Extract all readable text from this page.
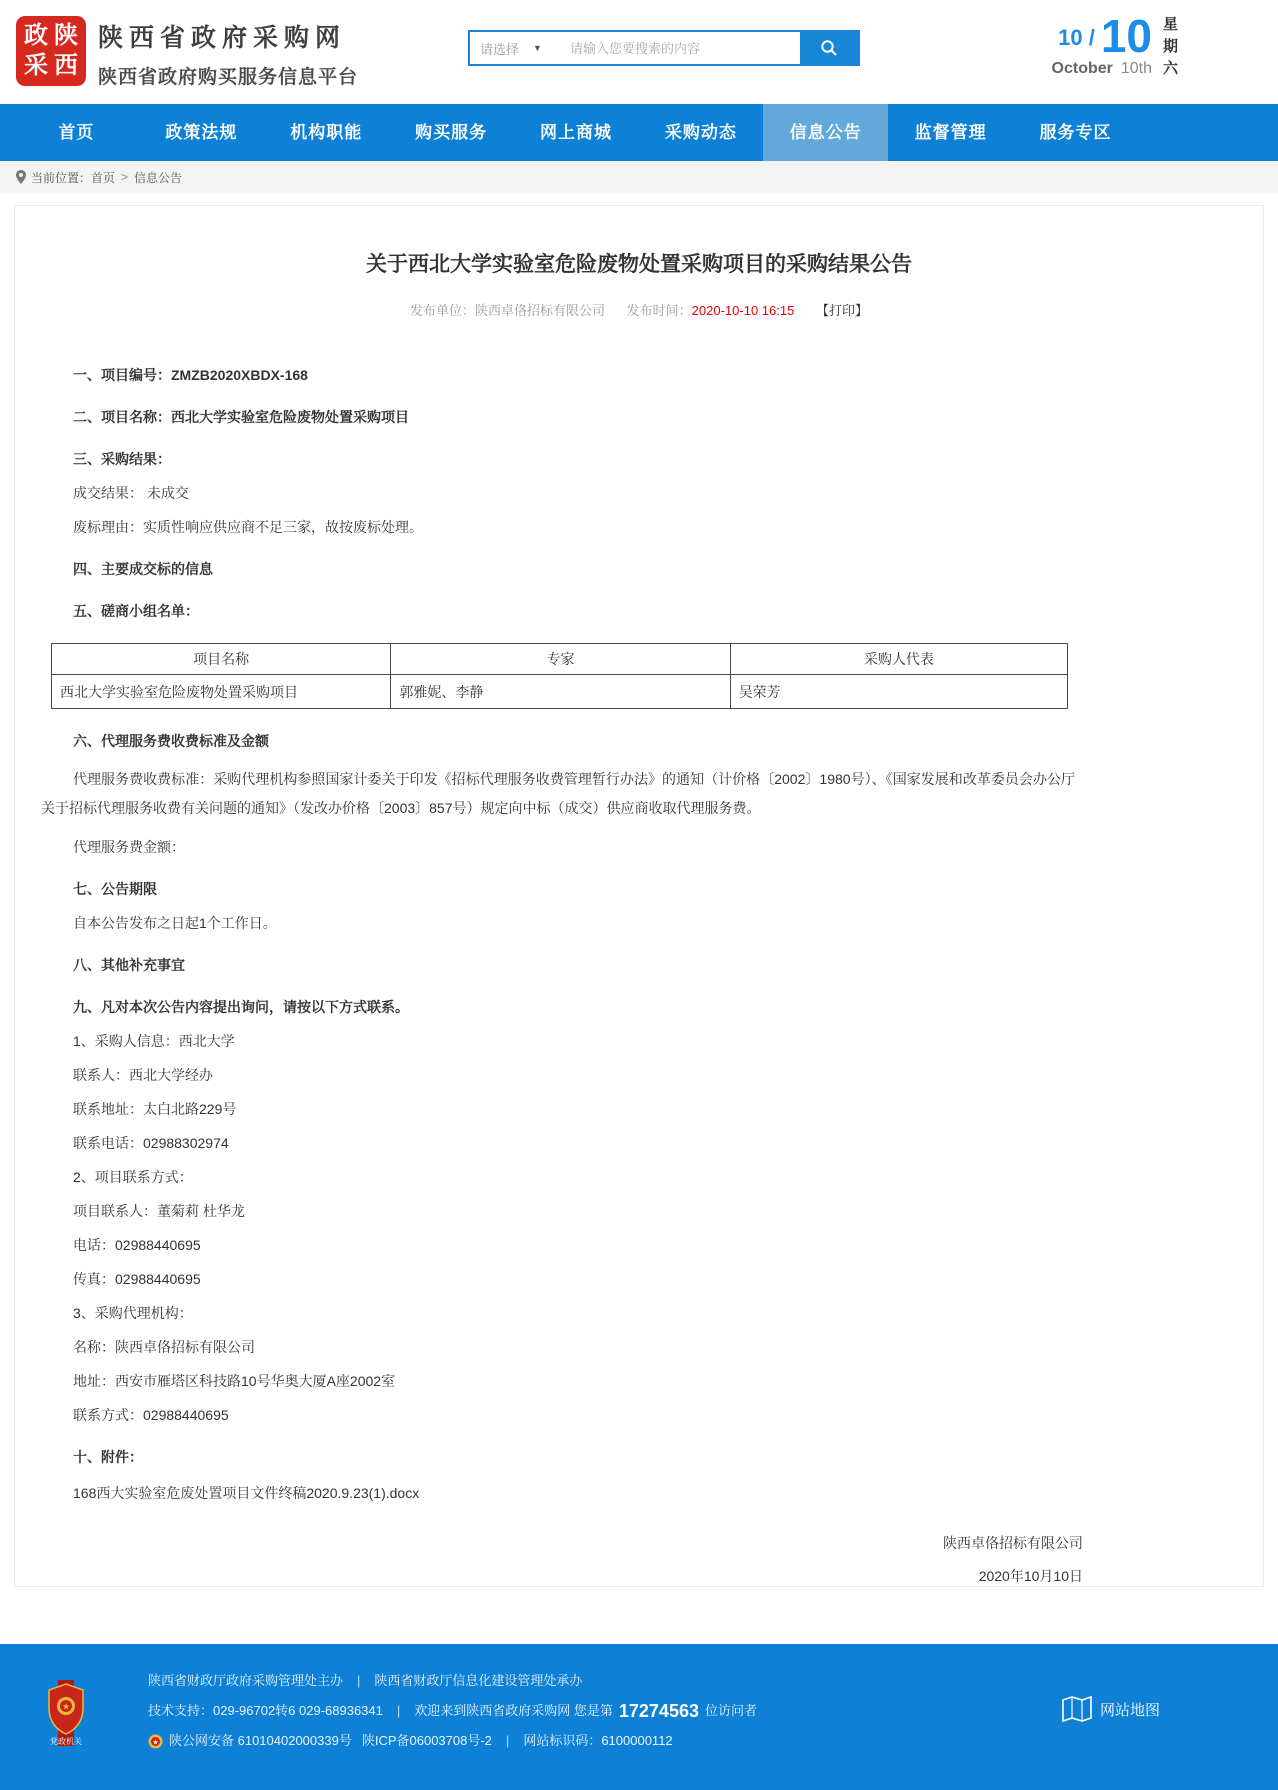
政 陕
采 西
陕西省政府采购网
陕西省政府购买服务信息平台
请选择 ▼
请输入您要搜索的内容	10 / 10
October 10th 星期六
首页	政策法规	机构职能	购买服务	网上商城	采购动态	信息公告	监督管理	服务专区
当前位置： 首页 > 信息公告
关于西北大学实验室危险废物处置采购项目的采购结果公告
发布单位：陕西卓佫招标有限公司 发布时间：2020-10-10 16:15 【打印】
一、项目编号：ZMZB2020XBDX-168
二、项目名称：西北大学实验室危险废物处置采购项目
三、采购结果：
成交结果： 未成交
废标理由：实质性响应供应商不足三家，故按废标处理。
四、主要成交标的信息
五、磋商小组名单：
项目名称	专家	采购人代表
西北大学实验室危险废物处置采购项目	郭雅妮、李静	吴荣芳
六、代理服务费收费标准及金额
代理服务费收费标准：采购代理机构参照国家计委关于印发《招标代理服务收费管理暂行办法》的通知（计价格〔2002〕1980号）、《国家发展和改革委员会办公厅关于招标代理服务收费有关问题的通知》（发改办价格〔2003〕857号）规定向中标（成交）供应商收取代理服务费。
代理服务费金额：
七、公告期限
自本公告发布之日起1个工作日。
八、其他补充事宜
九、凡对本次公告内容提出询问，请按以下方式联系。
1、采购人信息：西北大学
联系人：西北大学经办
联系地址：太白北路229号
联系电话：02988302974
2、项目联系方式：
项目联系人：董菊莉 杜华龙
电话：02988440695
传真：02988440695
3、采购代理机构：
名称：陕西卓佫招标有限公司
地址：西安市雁塔区科技路10号华奥大厦A座2002室
联系方式：02988440695
十、附件：
168西大实验室危废处置项目文件终稿2020.9.23(1).docx
陕西卓佫招标有限公司
2020年10月10日
★
党政机关
陕西省财政厅政府采购管理处主办 | 陕西省财政厅信息化建设管理处承办
技术支持：029-96702转6 029-68936341 | 欢迎来到陕西省政府采购网 您是第 17274563 位访问者
★ 陕公网安备 61010402000339号 陕ICP备06003708号-2 | 网站标识码：6100000112
网站地图
